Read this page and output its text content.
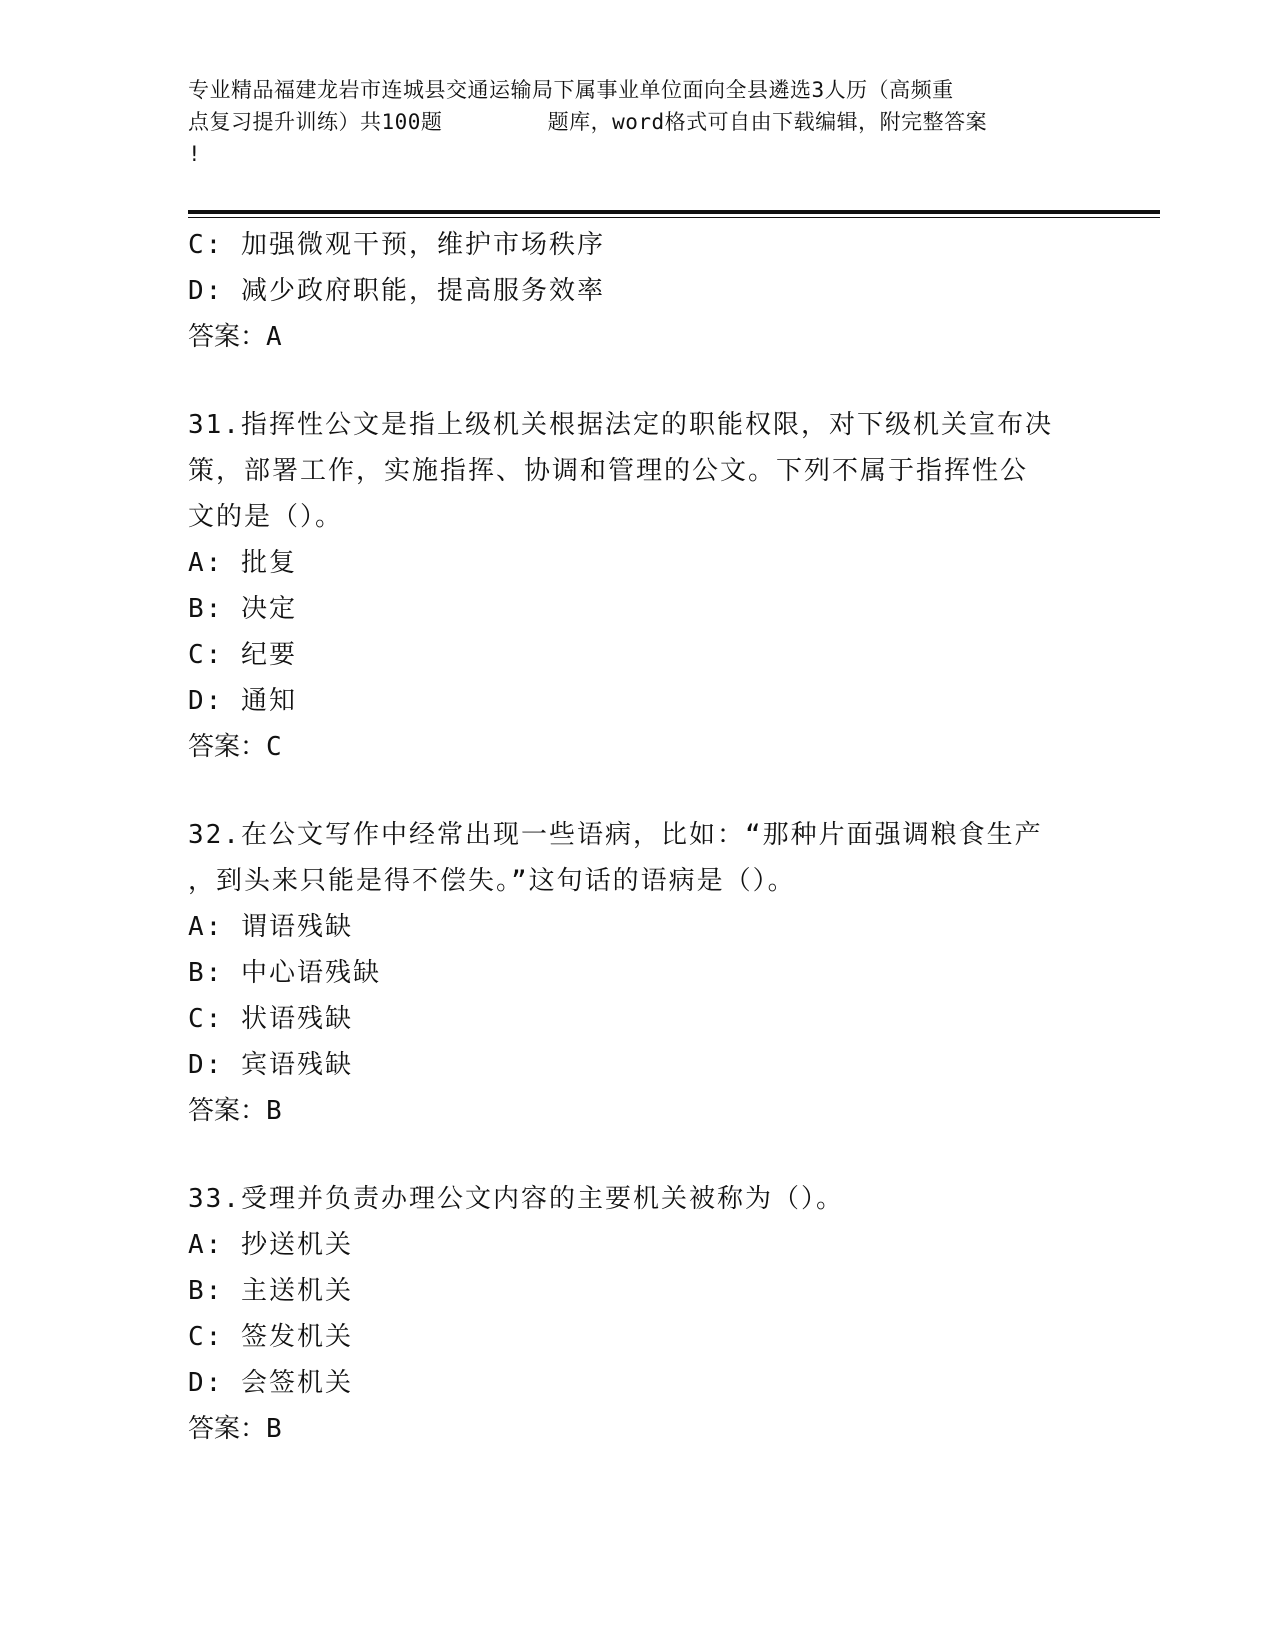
专业精品福建龙岩市连城县交通运输局下属事业单位面向全县遴选3人历（高频重
点复习提升训练）共100题        题库，word格式可自由下载编辑，附完整答案
!
C: 加强微观干预，维护市场秩序
D: 减少政府职能，提高服务效率
答案：A
31.指挥性公文是指上级机关根据法定的职能权限，对下级机关宣布决
策，部署工作，实施指挥、协调和管理的公文。下列不属于指挥性公
文的是（）。
A: 批复
B: 决定
C: 纪要
D: 通知
答案：C
32.在公文写作中经常出现一些语病，比如：“那种片面强调粮食生产
，到头来只能是得不偿失。”这句话的语病是（）。
A: 谓语残缺
B: 中心语残缺
C: 状语残缺
D: 宾语残缺
答案：B
33.受理并负责办理公文内容的主要机关被称为（）。
A: 抄送机关
B: 主送机关
C: 签发机关
D: 会签机关
答案：B
